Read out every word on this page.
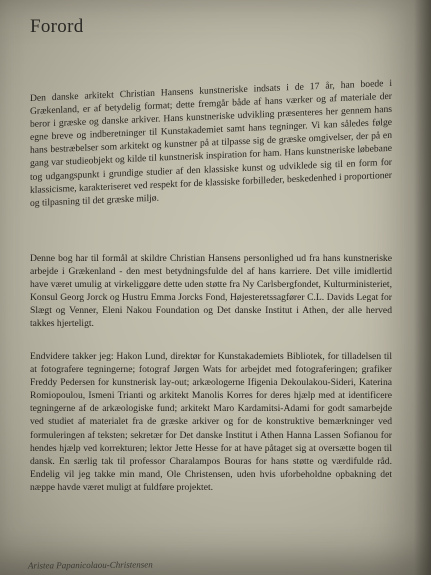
Forord

Den danske arkitekt Christian Hansens kunstneriske indsats i de 17 år, han boede i Grækenland, er af betydelig format; dette fremgår både af hans værker og af materiale der beror i græske og danske arkiver. Hans kunstneriske udvikling præsenteres her gennem hans egne breve og indberetninger til Kunstakademiet samt hans tegninger. Vi kan således følge hans bestræbelser som arkitekt og kunstner på at tilpasse sig de græske omgivelser, der på en gang var studieobjekt og kilde til kunstnerisk inspiration for ham. Hans kunstneriske løbebane tog udgangspunkt i grundige studier af den klassiske kunst og udviklede sig til en form for klassicisme, karakteriseret ved respekt for de klassiske forbilleder, beskedenhed i proportioner og tilpasning til det græske miljø.

Denne bog har til formål at skildre Christian Hansens personlighed ud fra hans kunstneriske arbejde i Grækenland - den mest betydningsfulde del af hans karriere. Det ville imidlertid have været umulig at virkeliggøre dette uden støtte fra Ny Carlsbergfondet, Kulturministeriet, Konsul Georg Jorck og Hustru Emma Jorcks Fond, Højesteretssagfører C.L. Davids Legat for Slægt og Venner, Eleni Nakou Foundation og Det danske Institut i Athen, der alle herved takkes hjerteligt.

Endvidere takker jeg: Hakon Lund, direktør for Kunstakademiets Bibliotek, for tilladelsen til at fotografere tegningerne; fotograf Jørgen Wats for arbejdet med fotograferingen; grafiker Freddy Pedersen for kunstnerisk lay-out; arkæologerne Ifigenia Dekoulakou-Sideri, Katerina Romiopoulou, Ismeni Trianti og arkitekt Manolis Korres for deres hjælp med at identificere tegningerne af de arkæologiske fund; arkitekt Maro Kardamitsi-Adami for godt samarbejde ved studiet af materialet fra de græske arkiver og for de konstruktive bemærkninger ved formuleringen af teksten; sekretær for Det danske Institut i Athen Hanna Lassen Sofianou for hendes hjælp ved korrekturen; lektor Jette Hesse for at have påtaget sig at oversætte bogen til dansk. En særlig tak til professor Charalampos Bouras for hans støtte og værdifulde råd. Endelig vil jeg takke min mand, Ole Christensen, uden hvis uforbeholdne opbakning det næppe havde været muligt at fuldføre projektet.

Aristea Papanicolaou-Christensen
